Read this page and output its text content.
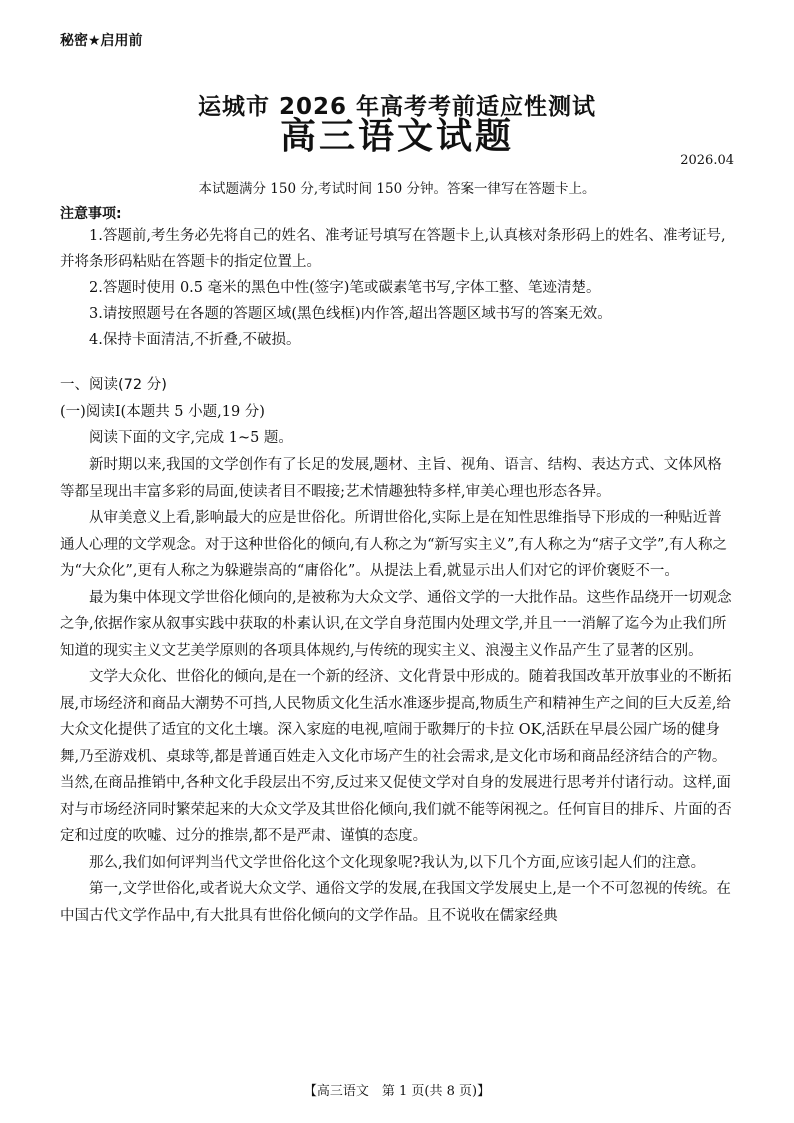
秘密★启用前
运城市 2026 年高考考前适应性测试
高三语文试题
2026.04
本试题满分 150 分,考试时间 150 分钟。答案一律写在答题卡上。
注意事项:

1.答题前,考生务必先将自己的姓名、准考证号填写在答题卡上,认真核对条形码上的姓名、准考证号,并将条形码粘贴在答题卡的指定位置上。

2.答题时使用 0.5 毫米的黑色中性(签字)笔或碳素笔书写,字体工整、笔迹清楚。

3.请按照题号在各题的答题区域(黑色线框)内作答,超出答题区域书写的答案无效。

4.保持卡面清洁,不折叠,不破损。

一、阅读(72 分)
(一)阅读Ⅰ(本题共 5 小题,19 分)

阅读下面的文字,完成 1~5 题。

新时期以来,我国的文学创作有了长足的发展,题材、主旨、视角、语言、结构、表达方式、文体风格等都呈现出丰富多彩的局面,使读者目不暇接;艺术情趣独特多样,审美心理也形态各异。

从审美意义上看,影响最大的应是世俗化。所谓世俗化,实际上是在知性思维指导下形成的一种贴近普通人心理的文学观念。对于这种世俗化的倾向,有人称之为“新写实主义”,有人称之为“痞子文学”,有人称之为“大众化”,更有人称之为躲避崇高的“庸俗化”。从提法上看,就显示出人们对它的评价褒贬不一。

最为集中体现文学世俗化倾向的,是被称为大众文学、通俗文学的一大批作品。这些作品绕开一切观念之争,依据作家从叙事实践中获取的朴素认识,在文学自身范围内处理文学,并且一一消解了迄今为止我们所知道的现实主义文艺美学原则的各项具体规约,与传统的现实主义、浪漫主义作品产生了显著的区别。

文学大众化、世俗化的倾向,是在一个新的经济、文化背景中形成的。随着我国改革开放事业的不断拓展,市场经济和商品大潮势不可挡,人民物质文化生活水准逐步提高,物质生产和精神生产之间的巨大反差,给大众文化提供了适宜的文化土壤。深入家庭的电视,喧闹于歌舞厅的卡拉 OK,活跃在早晨公园广场的健身舞,乃至游戏机、桌球等,都是普通百姓走入文化市场产生的社会需求,是文化市场和商品经济结合的产物。当然,在商品推销中,各种文化手段层出不穷,反过来又促使文学对自身的发展进行思考并付诸行动。这样,面对与市场经济同时繁荣起来的大众文学及其世俗化倾向,我们就不能等闲视之。任何盲目的排斥、片面的否定和过度的吹嘘、过分的推崇,都不是严肃、谨慎的态度。

那么,我们如何评判当代文学世俗化这个文化现象呢?我认为,以下几个方面,应该引起人们的注意。

第一,文学世俗化,或者说大众文学、通俗文学的发展,在我国文学发展史上,是一个不可忽视的传统。在中国古代文学作品中,有大批具有世俗化倾向的文学作品。且不说收在儒家经典

【高三语文　第 1 页(共 8 页)】
